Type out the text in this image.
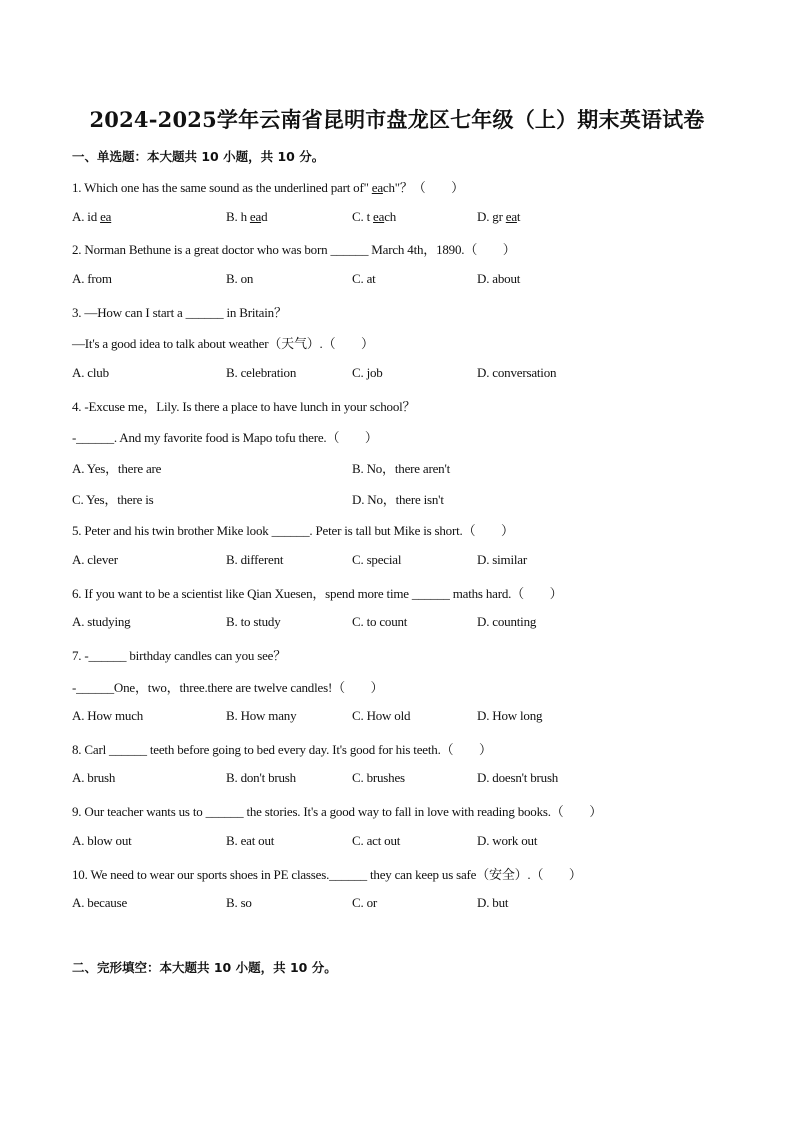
2024-2025学年云南省昆明市盘龙区七年级（上）期末英语试卷
一、单选题：本大题共 10 小题，共 10 分。
1. Which one has the same sound as the underlined part of" each"？（　　）
A. id ea	B. h ead	C. t each	D. gr eat
2. Norman Bethune is a great doctor who was born ______ March 4th，1890.（　　）
A. from	B. on	C. at	D. about
3. —How can I start a ______ in Britain？
—It's a good idea to talk about weather（天气）.（　　）
A. club	B. celebration	C. job	D. conversation
4. -Excuse me，Lily. Is there a place to have lunch in your school？
-______. And my favorite food is Mapo tofu there.（　　）
A. Yes，there are	B. No，there aren't
C. Yes，there is	D. No，there isn't
5. Peter and his twin brother Mike look ______. Peter is tall but Mike is short.（　　）
A. clever	B. different	C. special	D. similar
6. If you want to be a scientist like Qian Xuesen，spend more time ______ maths hard.（　　）
A. studying	B. to study	C. to count	D. counting
7. -______ birthday candles can you see？
-______One，two，three.there are twelve candles!（　　）
A. How much	B. How many	C. How old	D. How long
8. Carl ______ teeth before going to bed every day. It's good for his teeth.（　　）
A. brush	B. don't brush	C. brushes	D. doesn't brush
9. Our teacher wants us to ______ the stories. It's a good way to fall in love with reading books.（　　）
A. blow out	B. eat out	C. act out	D. work out
10. We need to wear our sports shoes in PE classes.______ they can keep us safe（安全）.（　　）
A. because	B. so	C. or	D. but
二、完形填空：本大题共 10 小题，共 10 分。
